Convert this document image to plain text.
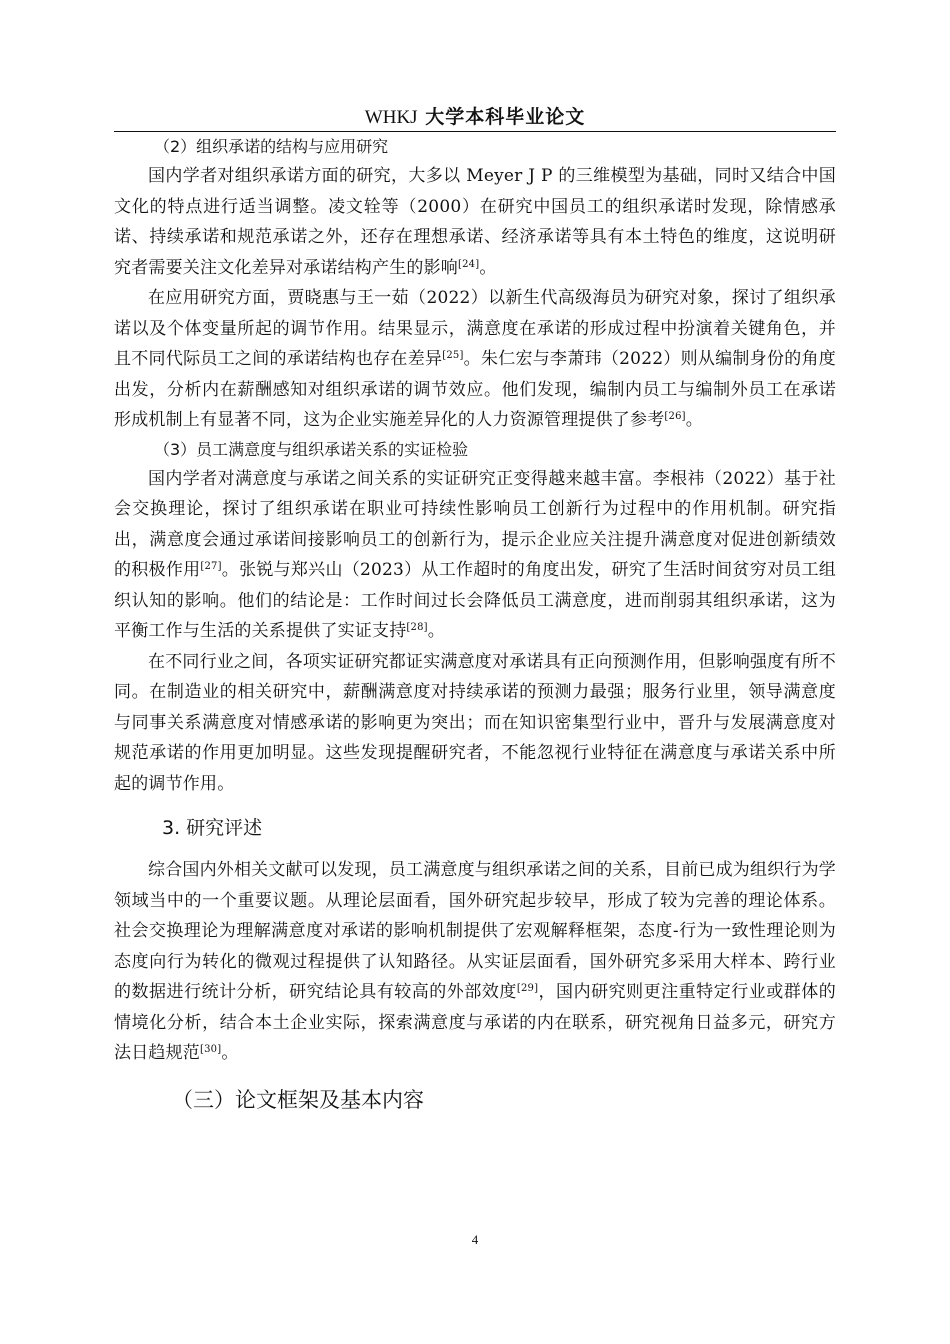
WHKJ 大学本科毕业论文

（2）组织承诺的结构与应用研究

国内学者对组织承诺方面的研究，大多以 Meyer J P 的三维模型为基础，同时又结合中国文化的特点进行适当调整。凌文辁等（2000）在研究中国员工的组织承诺时发现，除情感承诺、持续承诺和规范承诺之外，还存在理想承诺、经济承诺等具有本土特色的维度，这说明研究者需要关注文化差异对承诺结构产生的影响[24]。

在应用研究方面，贾晓惠与王一茹（2022）以新生代高级海员为研究对象，探讨了组织承诺以及个体变量所起的调节作用。结果显示，满意度在承诺的形成过程中扮演着关键角色，并且不同代际员工之间的承诺结构也存在差异[25]。朱仁宏与李萧玮（2022）则从编制身份的角度出发，分析内在薪酬感知对组织承诺的调节效应。他们发现，编制内员工与编制外员工在承诺形成机制上有显著不同，这为企业实施差异化的人力资源管理提供了参考[26]。

（3）员工满意度与组织承诺关系的实证检验

国内学者对满意度与承诺之间关系的实证研究正变得越来越丰富。李根祎（2022）基于社会交换理论，探讨了组织承诺在职业可持续性影响员工创新行为过程中的作用机制。研究指出，满意度会通过承诺间接影响员工的创新行为，提示企业应关注提升满意度对促进创新绩效的积极作用[27]。张锐与郑兴山（2023）从工作超时的角度出发，研究了生活时间贫穷对员工组织认知的影响。他们的结论是：工作时间过长会降低员工满意度，进而削弱其组织承诺，这为平衡工作与生活的关系提供了实证支持[28]。

在不同行业之间，各项实证研究都证实满意度对承诺具有正向预测作用，但影响强度有所不同。在制造业的相关研究中，薪酬满意度对持续承诺的预测力最强；服务行业里，领导满意度与同事关系满意度对情感承诺的影响更为突出；而在知识密集型行业中，晋升与发展满意度对规范承诺的作用更加明显。这些发现提醒研究者，不能忽视行业特征在满意度与承诺关系中所起的调节作用。

3. 研究评述

综合国内外相关文献可以发现，员工满意度与组织承诺之间的关系，目前已成为组织行为学领域当中的一个重要议题。从理论层面看，国外研究起步较早，形成了较为完善的理论体系。社会交换理论为理解满意度对承诺的影响机制提供了宏观解释框架，态度-行为一致性理论则为态度向行为转化的微观过程提供了认知路径。从实证层面看，国外研究多采用大样本、跨行业的数据进行统计分析，研究结论具有较高的外部效度[29]，国内研究则更注重特定行业或群体的情境化分析，结合本土企业实际，探索满意度与承诺的内在联系，研究视角日益多元，研究方法日趋规范[30]。

（三）论文框架及基本内容

4
